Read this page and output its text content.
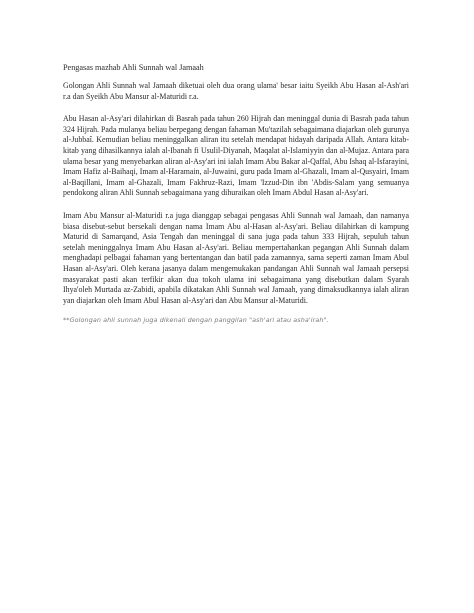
Pengasas mazhab Ahli Sunnah wal Jamaah

Golongan Ahli Sunnah wal Jamaah diketuai oleh dua orang ulama' besar iaitu Syeikh Abu Hasan al-Ash'ari r.a dan Syeikh Abu Mansur al-Maturidi r.a.

Abu Hasan al-Asy'ari dilahirkan di Basrah pada tahun 260 Hijrah dan meninggal dunia di Basrah pada tahun 324 Hijrah. Pada mulanya beliau berpegang dengan fahaman Mu'tazilah sebagaimana diajarkan oleh gurunya al-Jubbaî. Kemudian beliau meninggalkan aliran itu setelah mendapat hidayah daripada Allah. Antara kitab-kitab yang dihasilkannya ialah al-Ibanah fi Usulil-Diyanah, Maqalat al-Islamiyyin dan al-Mujaz. Antara para ulama besar yang menyebarkan aliran al-Asy'ari ini ialah Imam Abu Bakar al-Qaffal, Abu Ishaq al-Isfarayini, Imam Hafiz al-Baihaqi, Imam al-Haramain, al-Juwaini, guru pada Imam al-Ghazali, Imam al-Qusyairi, Imam al-Baqillani, Imam al-Ghazali, Imam Fakhruz-Razi, Imam 'Izzud-Din ibn 'Abdis-Salam yang semuanya pendokong aliran Ahli Sunnah sebagaimana yang dihuraikan oleh Imam Abdul Hasan al-Asy'ari.

Imam Abu Mansur al-Maturidi r.a juga dianggap sebagai pengasas Ahli Sunnah wal Jamaah, dan namanya biasa disebut-sebut bersekali dengan nama Imam Abu al-Hasan al-Asy'ari. Beliau dilahirkan di kampung Maturid di Samarqand, Asia Tengah dan meninggal di sana juga pada tahun 333 Hijrah, sepuluh tahun setelah meninggalnya Imam Abu Hasan al-Asy'ari. Beliau mempertahankan pegangan Ahli Sunnah dalam menghadapi pelbagai fahaman yang bertentangan dan batil pada zamannya, sama seperti zaman Imam Abul Hasan al-Asy'ari. Oleh kerana jasanya dalam mengemukakan pandangan Ahli Sunnah wal Jamaah persepsi masyarakat pasti akan terfikir akan dua tokoh ulama ini sebagaimana yang disebutkan dalam Syarah Ihya'oleh Murtada az-Zabidi, apabila dikatakan Ahli Sunnah wal Jamaah, yang dimaksudkannya ialah aliran yan diajarkan oleh Imam Abul Hasan al-Asy'ari dan Abu Mansur al-Maturidi.

**Golongan ahli sunnah juga dikenali dengan panggilan "ash'ari atau asha'irah".
